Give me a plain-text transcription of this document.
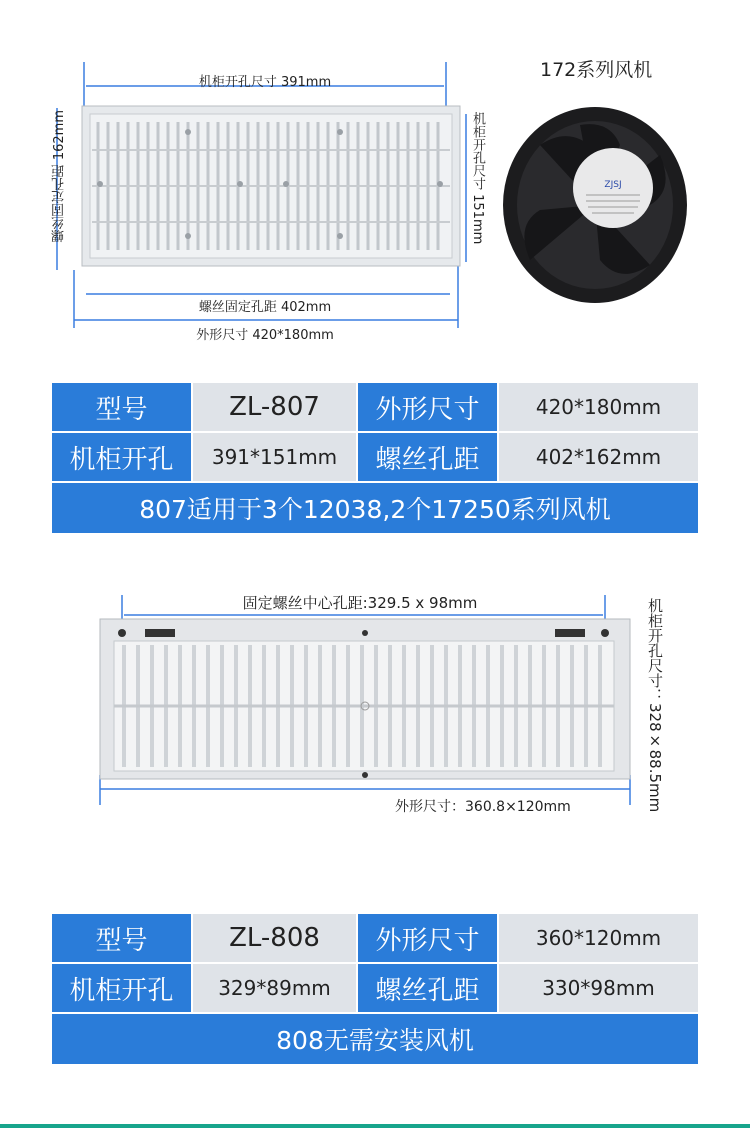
机柜开孔尺寸 391mm
螺丝固定孔距 162mm	机柜开孔尺寸 151mm
螺丝固定孔距 402mm
外形尺寸 420*180mm
172系列风机
ZJSJ
型号	ZL-807	外形尺寸	420*180mm
机柜开孔	391*151mm	螺丝孔距	402*162mm
807适用于3个12038,2个17250系列风机
固定螺丝中心孔距:329.5 x 98mm	机柜开孔尺寸：328×88.5mm
外形尺寸：360.8×120mm
型号	ZL-808	外形尺寸	360*120mm
机柜开孔	329*89mm	螺丝孔距	330*98mm
808无需安装风机
